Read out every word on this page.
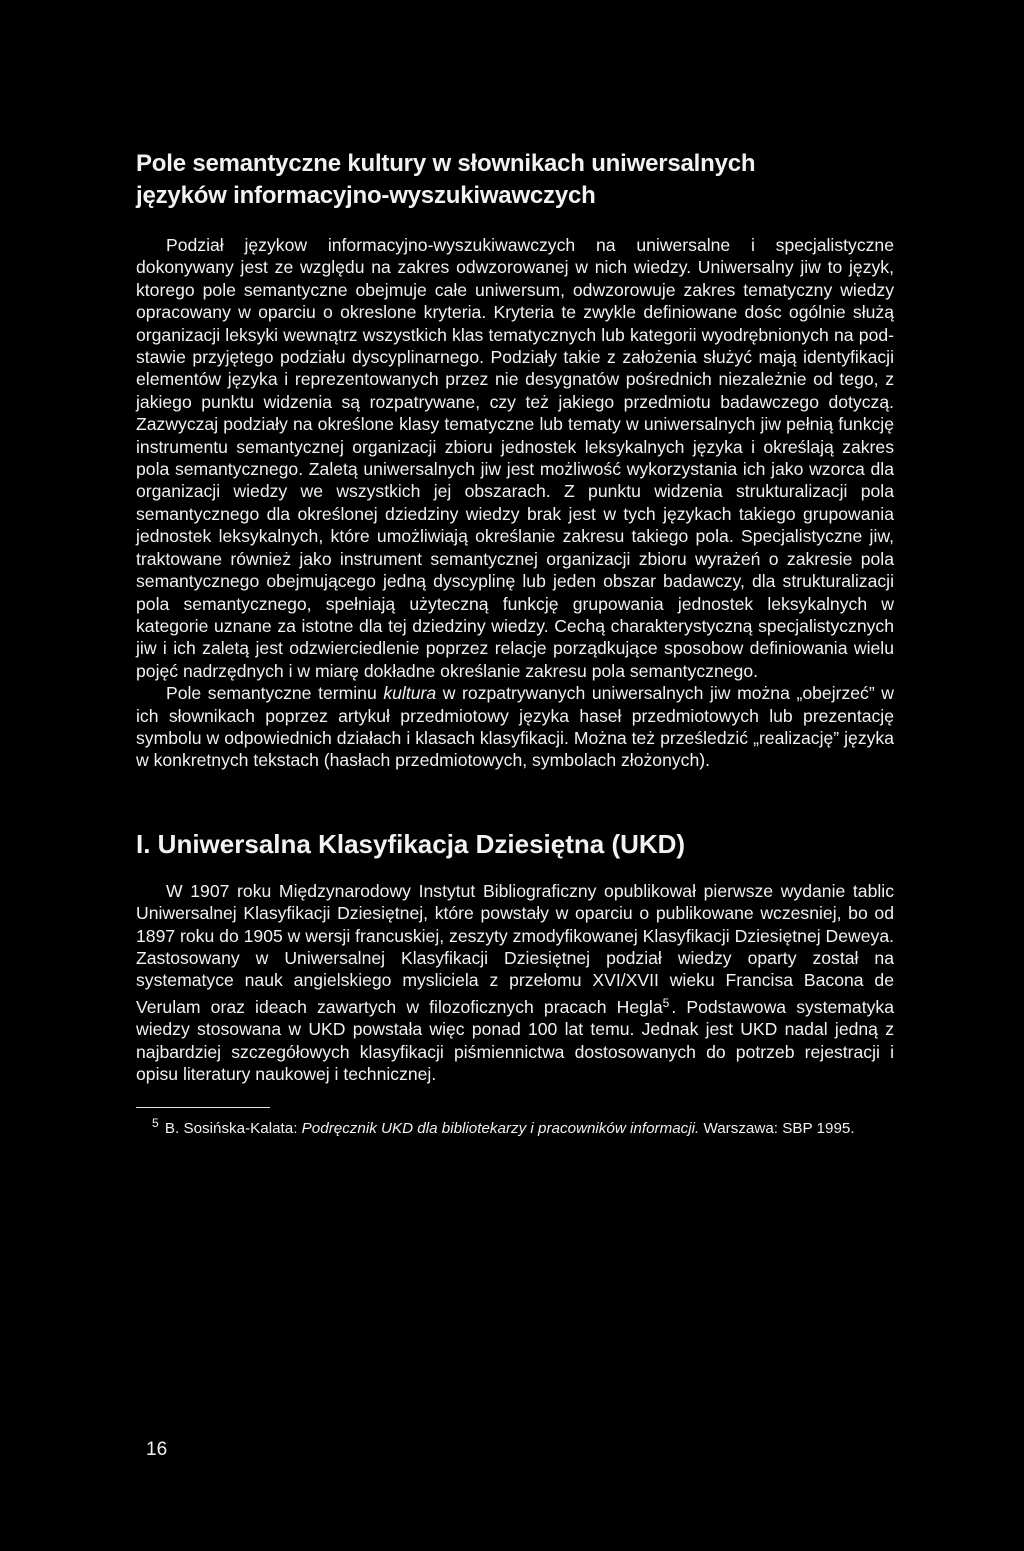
Pole semantyczne kultury w słownikach uniwersalnych
języków informacyjno-wyszukiwawczych

Podział językow informacyjno-wyszukiwawczych na uniwersalne i specjalistyczne dokonywany jest ze względu na zakres odwzorowanej w nich wiedzy. Uniwersalny jiw to język, ktorego pole semantyczne obejmuje całe uniwersum, odwzorowuje zakres tematyczny wiedzy opracowany w oparciu o okreslone kryteria. Kryteria te zwykle definiowane dośc ogólnie służą organizacji leksyki wewnątrz wszystkich klas tematycznych lub kategorii wyodrębnionych na podstawie przyjętego podziału dyscyplinarnego. Podziały takie z założenia służyć mają identyfikacji elementów języka i reprezentowanych przez nie desygnatów pośrednich niezależnie od tego, z jakiego punktu widzenia są rozpatrywane, czy też jakiego przedmiotu badawczego dotyczą. Zazwyczaj podziały na określone klasy tematyczne lub tematy w uniwersalnych jiw pełnią funkcję instrumentu semantycznej organizacji zbioru jednostek leksykalnych języka i określają zakres pola semantycznego. Zaletą uniwersalnych jiw jest możliwość wykorzystania ich jako wzorca dla organizacji wiedzy we wszystkich jej obszarach. Z punktu widzenia strukturalizacji pola semantycznego dla określonej dziedziny wiedzy brak jest w tych językach takiego grupowania jednostek leksykalnych, które umożliwiają określanie zakresu takiego pola. Specjalistyczne jiw, traktowane również jako instrument semantycznej organizacji zbioru wyrażeń o zakresie pola semantycznego obejmującego jedną dyscyplinę lub jeden obszar badawczy, dla strukturalizacji pola semantycznego, spełniają użyteczną funkcję grupowania jednostek leksykalnych w kategorie uznane za istotne dla tej dziedziny wiedzy. Cechą charakterystyczną specjalistycznych jiw i ich zaletą jest odzwierciedlenie poprzez relacje porządkujące sposobow definiowania wielu pojęć nadrzędnych i w miarę dokładne określanie zakresu pola semantycznego.

Pole semantyczne terminu kultura w rozpatrywanych uniwersalnych jiw można „obejrzeć” w ich słownikach poprzez artykuł przedmiotowy języka haseł przedmiotowych lub prezentację symbolu w odpowiednich działach i klasach klasyfikacji. Można też prześledzić „realizację” języka w konkretnych tekstach (hasłach przedmiotowych, symbolach złożonych).

I. Uniwersalna Klasyfikacja Dziesiętna (UKD)

W 1907 roku Międzynarodowy Instytut Bibliograficzny opublikował pierwsze wydanie tablic Uniwersalnej Klasyfikacji Dziesiętnej, które powstały w oparciu o publikowane wczesniej, bo od 1897 roku do 1905 w wersji francuskiej, zeszyty zmodyfikowanej Klasyfikacji Dziesiętnej Deweya. Zastosowany w Uniwersalnej Klasyfikacji Dziesiętnej podział wiedzy oparty został na systematyce nauk angielskiego mysliciela z przełomu XVI/XVII wieku Francisa Bacona de Verulam oraz ideach zawartych w filozoficznych pracach Hegla$^5$ . Podstawowa systematyka wiedzy stosowana w UKD powstała więc ponad 100 lat temu. Jednak jest UKD nadal jedną z najbardziej szczegółowych klasyfikacji piśmiennictwa dostosowanych do potrzeb rejestracji i opisu literatury naukowej i technicznej.

$^5$ B. Sosińska-Kalata: Podręcznik UKD dla bibliotekarzy i pracowników informacji. Warszawa: SBP 1995.

16
